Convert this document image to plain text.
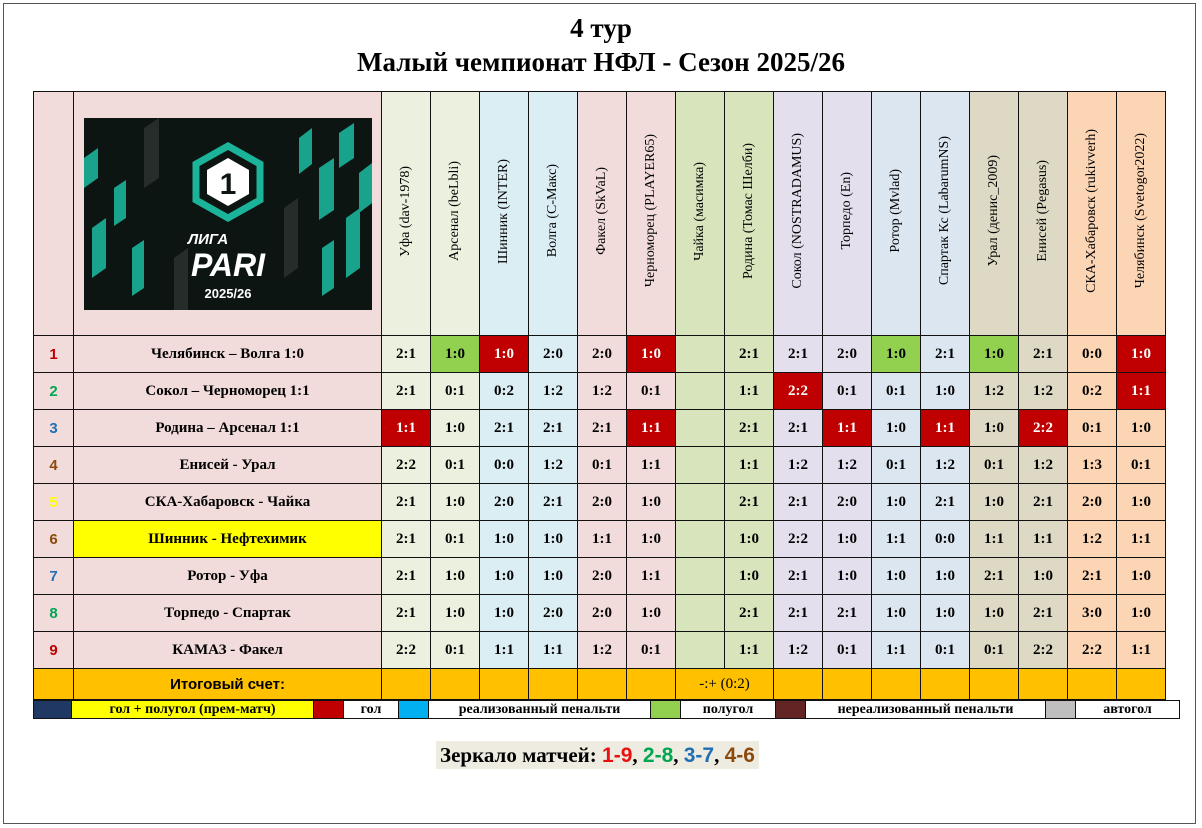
4 тур
Малый чемпионат НФЛ - Сезон 2025/26

1
ЛИГА
PARI
2025/26	Уфа (dav-1978)	Арсенал (beLbli)	Шинник (INTER)	Волга (С-Макс)	Факел (SkVaL)	Черноморец (PLAYER65)	Чайка (масимка)	Родина (Томас Шелби)	Сокол (NOSTRADAMUS)	Торпедо (En)	Ротор (Mvlad)	Спартак Кс (LabarumNS)	Урал (денис_2009)	Енисей (Pegasus)	СКА-Хабаровск (rukivverh)	Челябинск (Svetogor2022)
1	Челябинск – Волга 1:0	2:1	1:0	1:0	2:0	2:0	1:0		2:1	2:1	2:0	1:0	2:1	1:0	2:1	0:0	1:0
2	Сокол – Черноморец 1:1	2:1	0:1	0:2	1:2	1:2	0:1		1:1	2:2	0:1	0:1	1:0	1:2	1:2	0:2	1:1
3	Родина – Арсенал 1:1	1:1	1:0	2:1	2:1	2:1	1:1		2:1	2:1	1:1	1:0	1:1	1:0	2:2	0:1	1:0
4	Енисей - Урал	2:2	0:1	0:0	1:2	0:1	1:1		1:1	1:2	1:2	0:1	1:2	0:1	1:2	1:3	0:1
5	СКА-Хабаровск - Чайка	2:1	1:0	2:0	2:1	2:0	1:0		2:1	2:1	2:0	1:0	2:1	1:0	2:1	2:0	1:0
6	Шинник - Нефтехимик	2:1	0:1	1:0	1:0	1:1	1:0		1:0	2:2	1:0	1:1	0:0	1:1	1:1	1:2	1:1
7	Ротор - Уфа	2:1	1:0	1:0	1:0	2:0	1:1		1:0	2:1	1:0	1:0	1:0	2:1	1:0	2:1	1:0
8	Торпедо - Спартак	2:1	1:0	1:0	2:0	2:0	1:0		2:1	2:1	2:1	1:0	1:0	1:0	2:1	3:0	1:0
9	КАМАЗ - Факел	2:2	0:1	1:1	1:1	1:2	0:1		1:1	1:2	0:1	1:1	0:1	0:1	2:2	2:2	1:1
	Итоговый счет:							-:+ (0:2)									
	гол + полугол (прем-матч)		гол		реализованный пенальти		полугол		нереализованный пенальти		автогол
Зеркало матчей: 1-9, 2-8, 3-7, 4-6
